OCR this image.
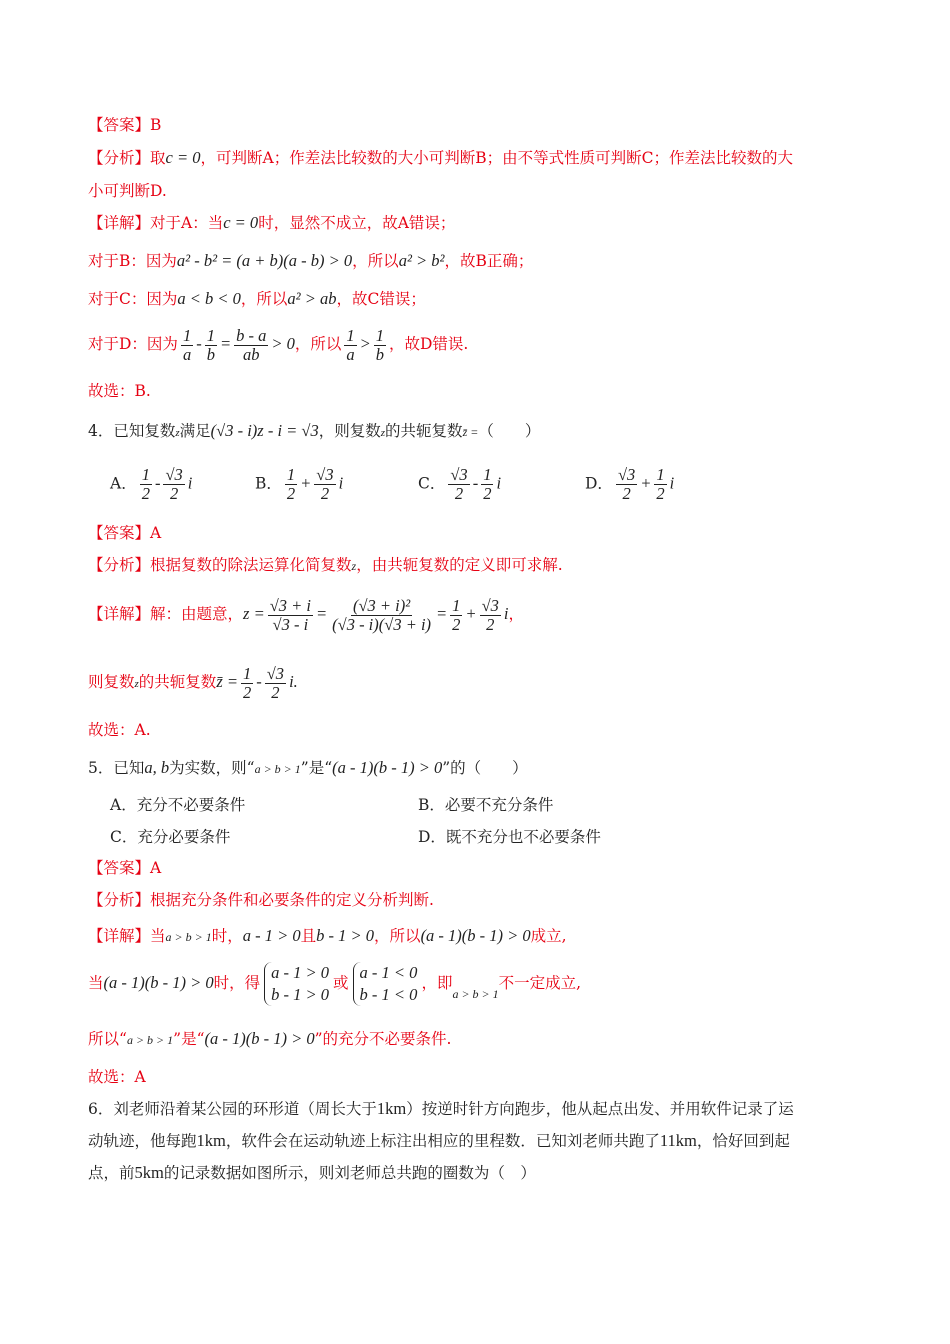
【答案】B
【分析】取c = 0，可判断A；作差法比较数的大小可判断B；由不等式性质可判断C；作差法比较数的大
小可判断D.
【详解】对于A：当c = 0时，显然不成立，故A错误；
对于B：因为a² - b² = (a + b)(a - b) > 0，所以a² > b²，故B正确；
对于C：因为a < b < 0，所以a² > ab，故C错误；
对于D：因为 $\frac{1}{a} - \frac{1}{b} = \frac{b - a}{ab} > 0$，所以 $\frac{1}{a} > \frac{1}{b}$ ，故D错误.
故选：B.
4．已知复数z满足(√3 - i)z - i = √3，则复数z的共轭复数z̄ =（　　）
A． $\frac{1}{2} - \frac{√3}{2}$ i	B． $\frac{1}{2} + \frac{√3}{2}$ i	C． $\frac{√3}{2} - \frac{1}{2}$ i	D． $\frac{√3}{2} + \frac{1}{2}$ i
【答案】A
【分析】根据复数的除法运算化简复数z，由共轭复数的定义即可求解.
【详解】解：由题意，$z = \frac{√3 + i}{√3 - i} = \frac{\text{(√3 + i)²}}{(√3 - i)(√3 + i)} = \frac{1}{2} + \frac{√3}{2}$ i，
则复数z的共轭复数z̄ = $\frac{1}{2} - \frac{√3}{2} i$.
故选：A.
5．已知a, b为实数，则“a > b > 1”是“(a - 1)(b - 1) > 0”的（　　）
A．充分不必要条件	B．必要不充分条件
C．充分必要条件	D．既不充分也不必要条件
【答案】A
【分析】根据充分条件和必要条件的定义分析判断.
【详解】当a > b > 1时，a - 1 > 0且b - 1 > 0，所以(a - 1)(b - 1) > 0成立,
当(a - 1)(b - 1) > 0时，得
a - 1 > 0
b - 1 > 0
或
a - 1 < 0
b - 1 < 0
，即$_{a > b > 1}$不一定成立,
所以“a > b > 1”是“(a - 1)(b - 1) > 0”的充分不必要条件.
故选：A
6．刘老师沿着某公园的环形道（周长大于1km）按逆时针方向跑步，他从起点出发、并用软件记录了运
动轨迹，他每跑1km，软件会在运动轨迹上标注出相应的里程数．已知刘老师共跑了11km，恰好回到起
点，前5km的记录数据如图所示，则刘老师总共跑的圈数为（　）
